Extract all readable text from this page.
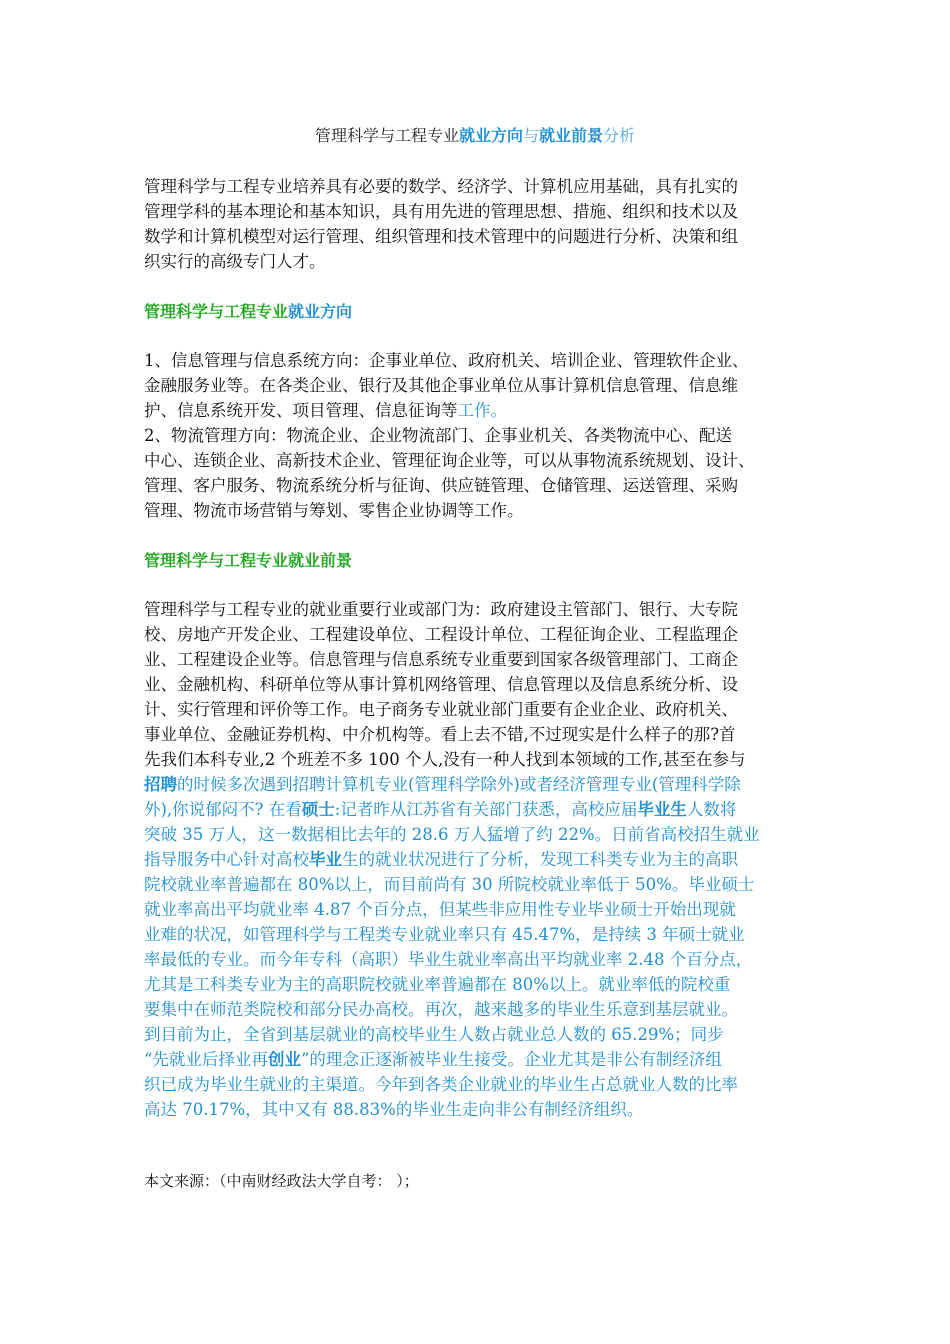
管理科学与工程专业就业方向与就业前景分析
管理科学与工程专业培养具有必要的数学、经济学、计算机应用基础，具有扎实的
管理学科的基本理论和基本知识，具有用先进的管理思想、措施、组织和技术以及
数学和计算机模型对运行管理、组织管理和技术管理中的问题进行分析、决策和组
织实行的高级专门人才。
管理科学与工程专业就业方向
1、信息管理与信息系统方向：企事业单位、政府机关、培训企业、管理软件企业、
金融服务业等。在各类企业、银行及其他企事业单位从事计算机信息管理、信息维
护、信息系统开发、项目管理、信息征询等工作。
2、物流管理方向：物流企业、企业物流部门、企事业机关、各类物流中心、配送
中心、连锁企业、高新技术企业、管理征询企业等，可以从事物流系统规划、设计、
管理、客户服务、物流系统分析与征询、供应链管理、仓储管理、运送管理、采购
管理、物流市场营销与筹划、零售企业协调等工作。
管理科学与工程专业就业前景
管理科学与工程专业的就业重要行业或部门为：政府建设主管部门、银行、大专院
校、房地产开发企业、工程建设单位、工程设计单位、工程征询企业、工程监理企
业、工程建设企业等。信息管理与信息系统专业重要到国家各级管理部门、工商企
业、金融机构、科研单位等从事计算机网络管理、信息管理以及信息系统分析、设
计、实行管理和评价等工作。电子商务专业就业部门重要有企业企业、政府机关、
事业单位、金融证券机构、中介机构等。看上去不错,不过现实是什么样子的那?首
先我们本科专业,2 个班差不多 100 个人,没有一种人找到本领域的工作,甚至在参与
招聘的时候多次遇到招聘计算机专业(管理科学除外)或者经济管理专业(管理科学除
外),你说郁闷不? 在看硕士:记者昨从江苏省有关部门获悉，高校应届毕业生人数将
突破 35 万人，这一数据相比去年的 28.6 万人猛增了约 22%。日前省高校招生就业
指导服务中心针对高校毕业生的就业状况进行了分析，发现工科类专业为主的高职
院校就业率普遍都在 80%以上，而目前尚有 30 所院校就业率低于 50%。毕业硕士
就业率高出平均就业率 4.87 个百分点，但某些非应用性专业毕业硕士开始出现就
业难的状况，如管理科学与工程类专业就业率只有 45.47%，是持续 3 年硕士就业
率最低的专业。而今年专科（高职）毕业生就业率高出平均就业率 2.48 个百分点，
尤其是工科类专业为主的高职院校就业率普遍都在 80%以上。就业率低的院校重
要集中在师范类院校和部分民办高校。再次，越来越多的毕业生乐意到基层就业。
到目前为止，全省到基层就业的高校毕业生人数占就业总人数的 65.29%；同步
“先就业后择业再创业”的理念正逐渐被毕业生接受。企业尤其是非公有制经济组
织已成为毕业生就业的主渠道。今年到各类企业就业的毕业生占总就业人数的比率
高达 70.17%，其中又有 88.83%的毕业生走向非公有制经济组织。
本文来源：（中南财经政法大学自考： ）；
